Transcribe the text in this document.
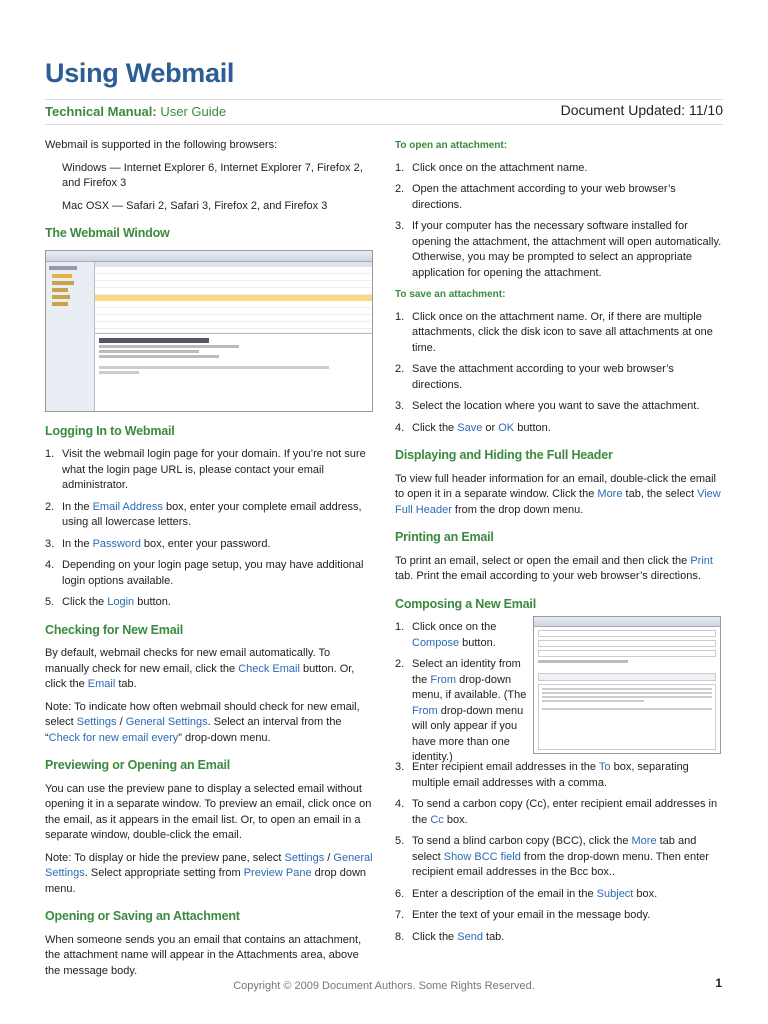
Using Webmail
Technical Manual: User Guide	Document Updated: 11/10

Webmail is supported in the following browsers:

Windows — Internet Explorer 6, Internet Explorer 7, Firefox 2, and Firefox 3

Mac OSX — Safari 2, Safari 3, Firefox 2, and Firefox 3

The Webmail Window
Logging In to Webmail
1. Visit the webmail login page for your domain. If you’re not sure what the login page URL is, please contact your email administrator.
2. In the Email Address box, enter your complete email address, using all lowercase letters.
3. In the Password box, enter your password.
4. Depending on your login page setup, you may have additional login options available.
5. Click the Login button.
Checking for New Email

By default, webmail checks for new email automatically. To manually check for new email, click the Check Email button. Or, click the Email tab.

Note: To indicate how often webmail should check for new email, select Settings / General Settings. Select an interval from the “Check for new email every” drop-down menu.

Previewing or Opening an Email

You can use the preview pane to display a selected email without opening it in a separate window. To preview an email, click once on the email, as it appears in the email list. Or, to open an email in a separate window, double-click the email.

Note: To display or hide the preview pane, select Settings / General Settings. Select appropriate setting from Preview Pane drop down menu.

Opening or Saving an Attachment

When someone sends you an email that contains an attachment, the attachment name will appear in the Attachments area, above the message body.

To open an attachment:
1. Click once on the attachment name.
2. Open the attachment according to your web browser’s directions.
3. If your computer has the necessary software installed for opening the attachment, the attachment will open automatically. Otherwise, you may be prompted to select an appropriate application for opening the attachment.
To save an attachment:
1. Click once on the attachment name. Or, if there are multiple attachments, click the disk icon to save all attachments at one time.
2. Save the attachment according to your web browser’s directions.
3. Select the location where you want to save the attachment.
4. Click the Save or OK button.
Displaying and Hiding the Full Header

To view full header information for an email, double-click the email to open it in a separate window. Click the More tab, the select View Full Header from the drop down menu.

Printing an Email

To print an email, select or open the email and then click the Print tab. Print the email according to your web browser’s directions.

Composing a New Email
1. Click once on the Compose button.
2. Select an identity from the From drop-down menu, if available. (The From drop-down menu will only appear if you have more than one identity.)
3. Enter recipient email addresses in the To box, separating multiple email addresses with a comma.
4. To send a carbon copy (Cc), enter recipient email addresses in the Cc box.
5. To send a blind carbon copy (BCC), click the More tab and select Show BCC field from the drop-down menu. Then enter recipient email addresses in the Bcc box..
6. Enter a description of the email in the Subject box.
7. Enter the text of your email in the message body.
8. Click the Send tab.
Copyright © 2009 Document Authors. Some Rights Reserved.	1
